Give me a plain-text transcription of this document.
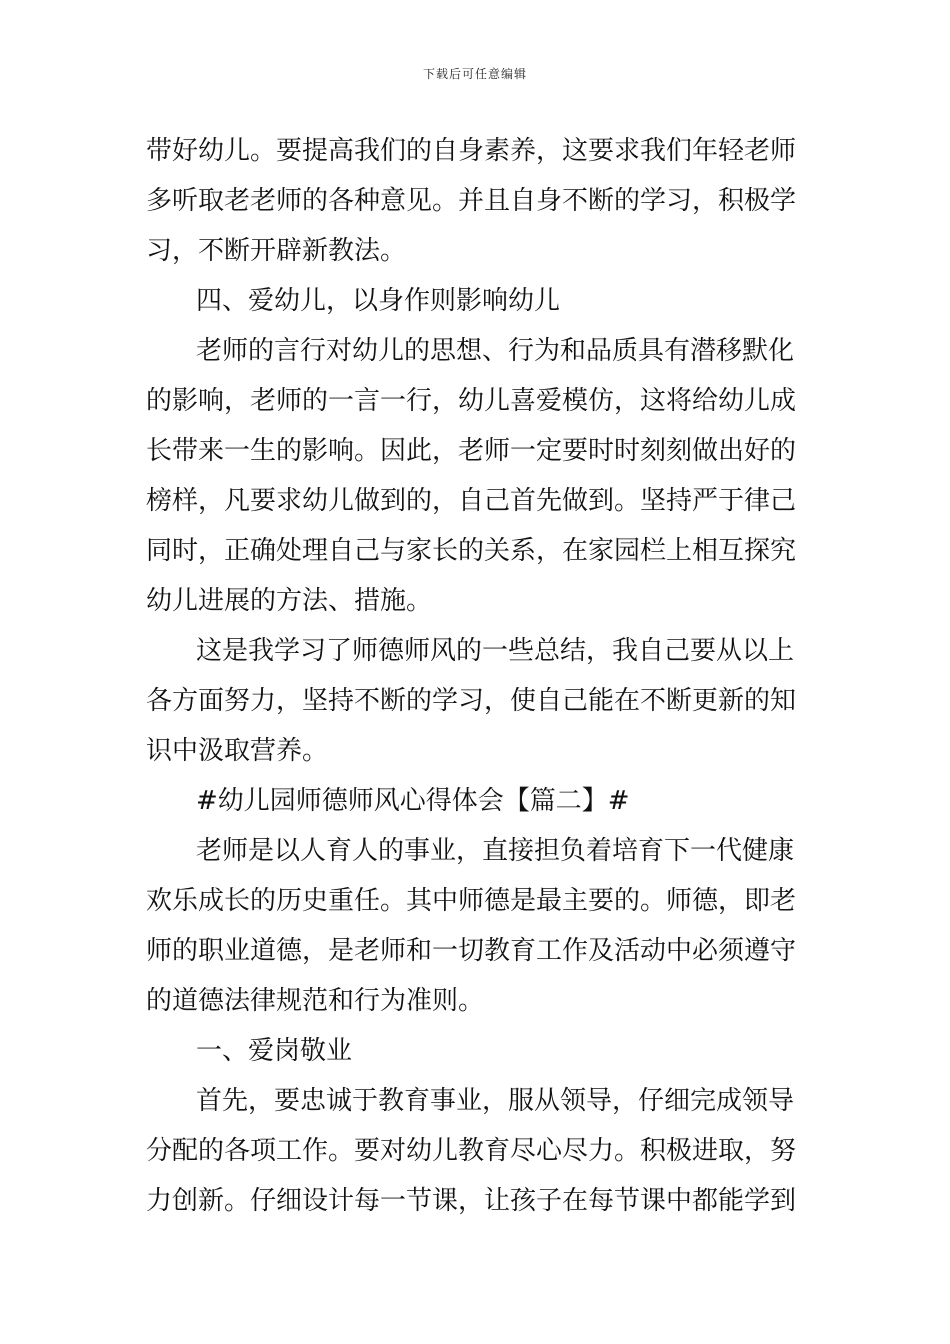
下载后可任意编辑

带好幼儿。要提高我们的自身素养，这要求我们年轻老师
多听取老老师的各种意见。并且自身不断的学习，积极学
习，不断开辟新教法。

四、爱幼儿，以身作则影响幼儿

老师的言行对幼儿的思想、行为和品质具有潜移默化
的影响，老师的一言一行，幼儿喜爱模仿，这将给幼儿成
长带来一生的影响。因此，老师一定要时时刻刻做出好的
榜样，凡要求幼儿做到的，自己首先做到。坚持严于律己
同时，正确处理自己与家长的关系，在家园栏上相互探究
幼儿进展的方法、措施。

这是我学习了师德师风的一些总结，我自己要从以上
各方面努力，坚持不断的学习，使自己能在不断更新的知
识中汲取营养。

#幼儿园师德师风心得体会【篇二】#

老师是以人育人的事业，直接担负着培育下一代健康
欢乐成长的历史重任。其中师德是最主要的。师德，即老
师的职业道德，是老师和一切教育工作及活动中必须遵守
的道德法律规范和行为准则。

一、爱岗敬业

首先，要忠诚于教育事业，服从领导，仔细完成领导
分配的各项工作。要对幼儿教育尽心尽力。积极进取，努
力创新。仔细设计每一节课，让孩子在每节课中都能学到
